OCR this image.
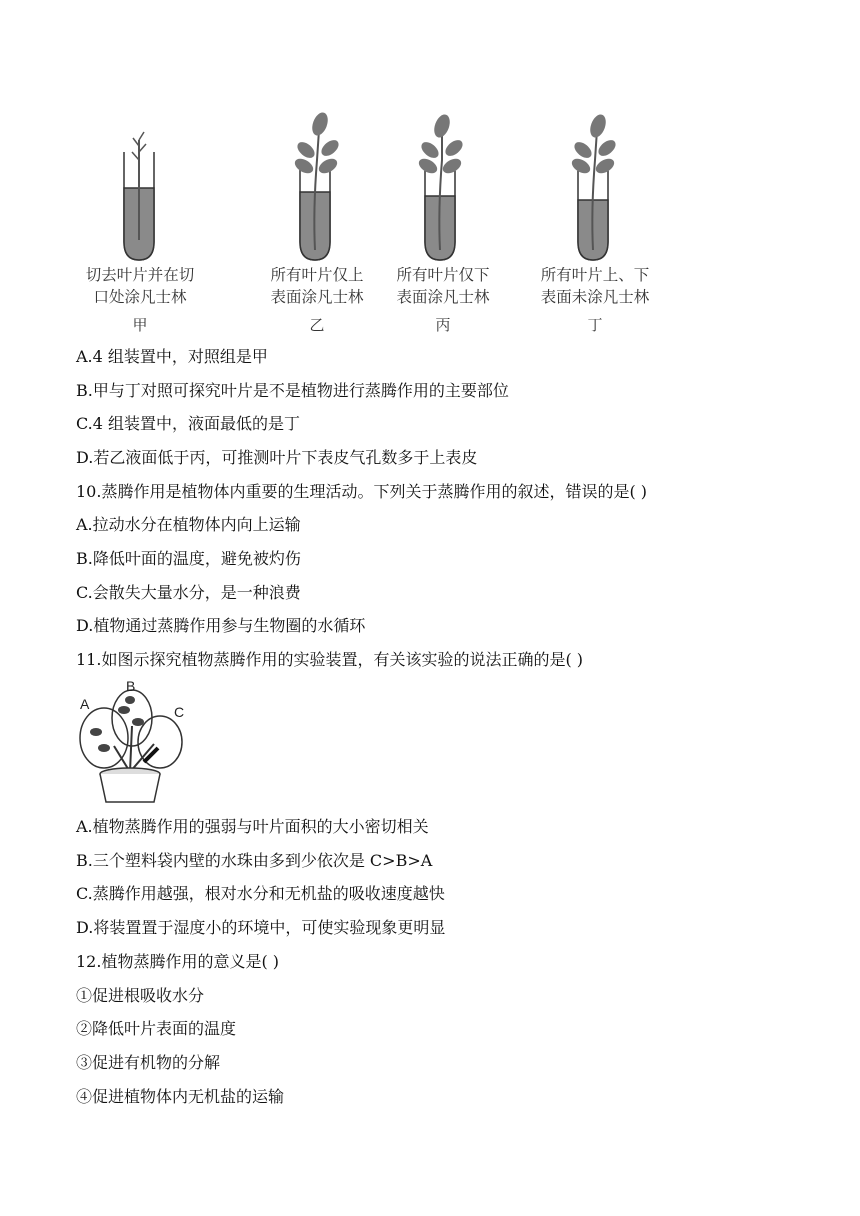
切去叶片并在切
口处涂凡士林
甲
所有叶片仅上
表面涂凡士林
乙
所有叶片仅下
表面涂凡士林
丙
所有叶片上、下
表面未涂凡士林
丁
A.4 组装置中，对照组是甲
B.甲与丁对照可探究叶片是不是植物进行蒸腾作用的主要部位
C.4 组装置中，液面最低的是丁
D.若乙液面低于丙，可推测叶片下表皮气孔数多于上表皮
10.蒸腾作用是植物体内重要的生理活动。下列关于蒸腾作用的叙述，错误的是( )
A.拉动水分在植物体内向上运输
B.降低叶面的温度，避免被灼伤
C.会散失大量水分，是一种浪费
D.植物通过蒸腾作用参与生物圈的水循环
11.如图示探究植物蒸腾作用的实验装置，有关该实验的说法正确的是( )
A
B
C
A.植物蒸腾作用的强弱与叶片面积的大小密切相关
B.三个塑料袋内壁的水珠由多到少依次是 C>B>A
C.蒸腾作用越强，根对水分和无机盐的吸收速度越快
D.将装置置于湿度小的环境中，可使实验现象更明显
12.植物蒸腾作用的意义是( )
①促进根吸收水分
②降低叶片表面的温度
③促进有机物的分解
④促进植物体内无机盐的运输
